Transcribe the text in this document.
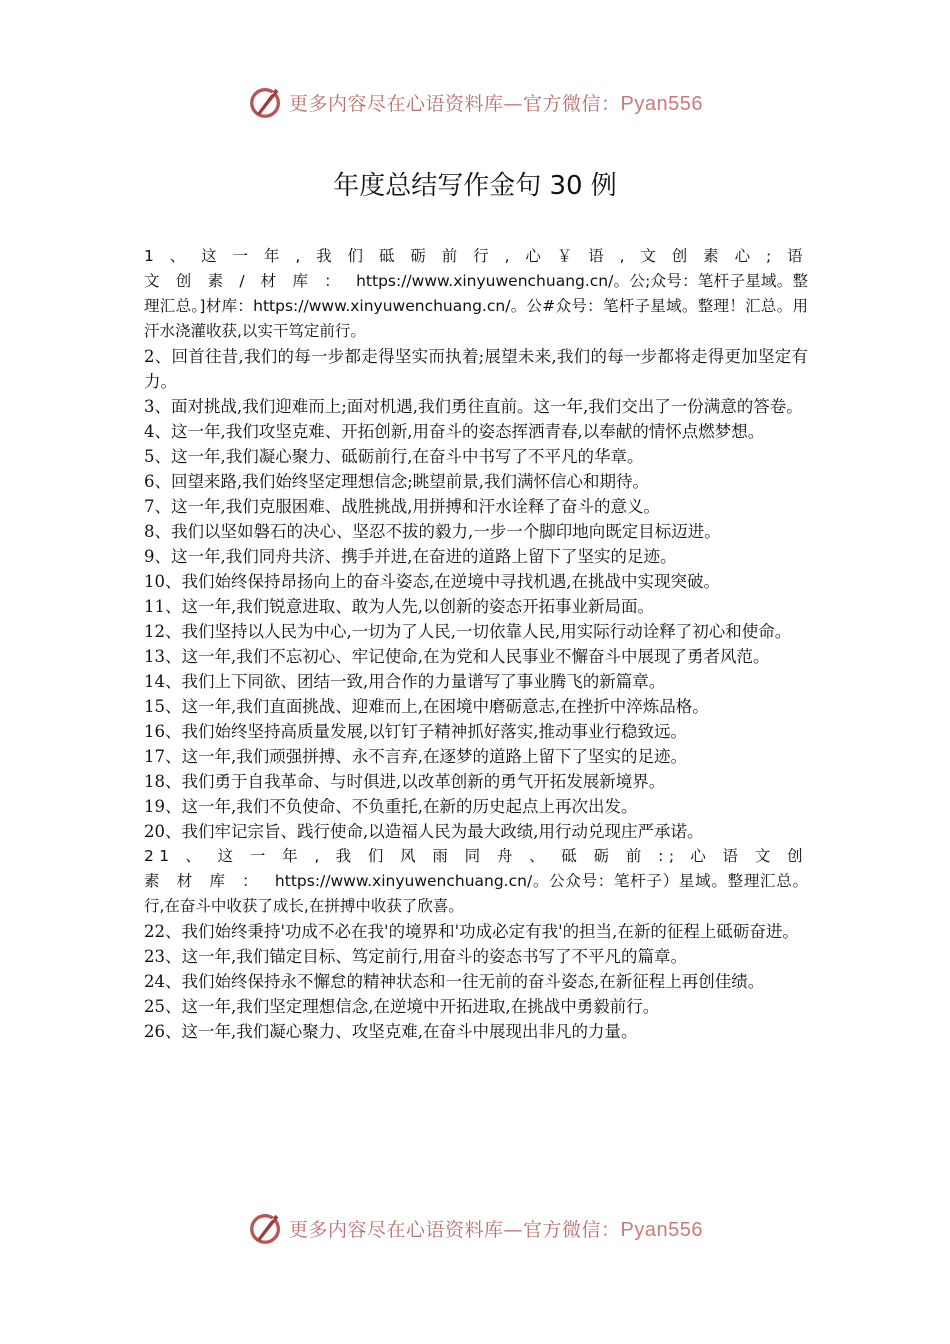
更多内容尽在心语资料库—官方微信：Pyan556
年度总结写作金句 30 例

1 、 这 一 年 , 我 们 砥 砺 前 行 , 心 ￥ 语 , 文 创 素 心 ; 语 文 创 素 / 材 库 ： https://www.xinyuwenchuang.cn/。公;众号：笔杆子星域。整理汇总。]材库：https://www.xinyuwenchuang.cn/。公#众号：笔杆子星域。整理！汇总。用汗水浇灌收获,以实干笃定前行。

2、回首往昔,我们的每一步都走得坚实而执着;展望未来,我们的每一步都将走得更加坚定有力。

3、面对挑战,我们迎难而上;面对机遇,我们勇往直前。这一年,我们交出了一份满意的答卷。

4、这一年,我们攻坚克难、开拓创新,用奋斗的姿态挥洒青春,以奉献的情怀点燃梦想。

5、这一年,我们凝心聚力、砥砺前行,在奋斗中书写了不平凡的华章。

6、回望来路,我们始终坚定理想信念;眺望前景,我们满怀信心和期待。

7、这一年,我们克服困难、战胜挑战,用拼搏和汗水诠释了奋斗的意义。

8、我们以坚如磐石的决心、坚忍不拔的毅力,一步一个脚印地向既定目标迈进。

9、这一年,我们同舟共济、携手并进,在奋进的道路上留下了坚实的足迹。

10、我们始终保持昂扬向上的奋斗姿态,在逆境中寻找机遇,在挑战中实现突破。

11、这一年,我们锐意进取、敢为人先,以创新的姿态开拓事业新局面。

12、我们坚持以人民为中心,一切为了人民,一切依靠人民,用实际行动诠释了初心和使命。

13、这一年,我们不忘初心、牢记使命,在为党和人民事业不懈奋斗中展现了勇者风范。

14、我们上下同欲、团结一致,用合作的力量谱写了事业腾飞的新篇章。

15、这一年,我们直面挑战、迎难而上,在困境中磨砺意志,在挫折中淬炼品格。

16、我们始终坚持高质量发展,以钉钉子精神抓好落实,推动事业行稳致远。

17、这一年,我们顽强拼搏、永不言弃,在逐梦的道路上留下了坚实的足迹。

18、我们勇于自我革命、与时俱进,以改革创新的勇气开拓发展新境界。

19、这一年,我们不负使命、不负重托,在新的历史起点上再次出发。

20、我们牢记宗旨、践行使命,以造福人民为最大政绩,用行动兑现庄严承诺。

21 、 这 一 年 , 我 们 风 雨 同 舟 、 砥 砺 前 :; 心 语 文 创 素 材 库 ： https://www.xinyuwenchuang.cn/。公众号：笔杆子）星域。整理汇总。行,在奋斗中收获了成长,在拼搏中收获了欣喜。

22、我们始终秉持'功成不必在我'的境界和'功成必定有我'的担当,在新的征程上砥砺奋进。

23、这一年,我们锚定目标、笃定前行,用奋斗的姿态书写了不平凡的篇章。

24、我们始终保持永不懈怠的精神状态和一往无前的奋斗姿态,在新征程上再创佳绩。

25、这一年,我们坚定理想信念,在逆境中开拓进取,在挑战中勇毅前行。

26、这一年,我们凝心聚力、攻坚克难,在奋斗中展现出非凡的力量。

更多内容尽在心语资料库—官方微信：Pyan556
